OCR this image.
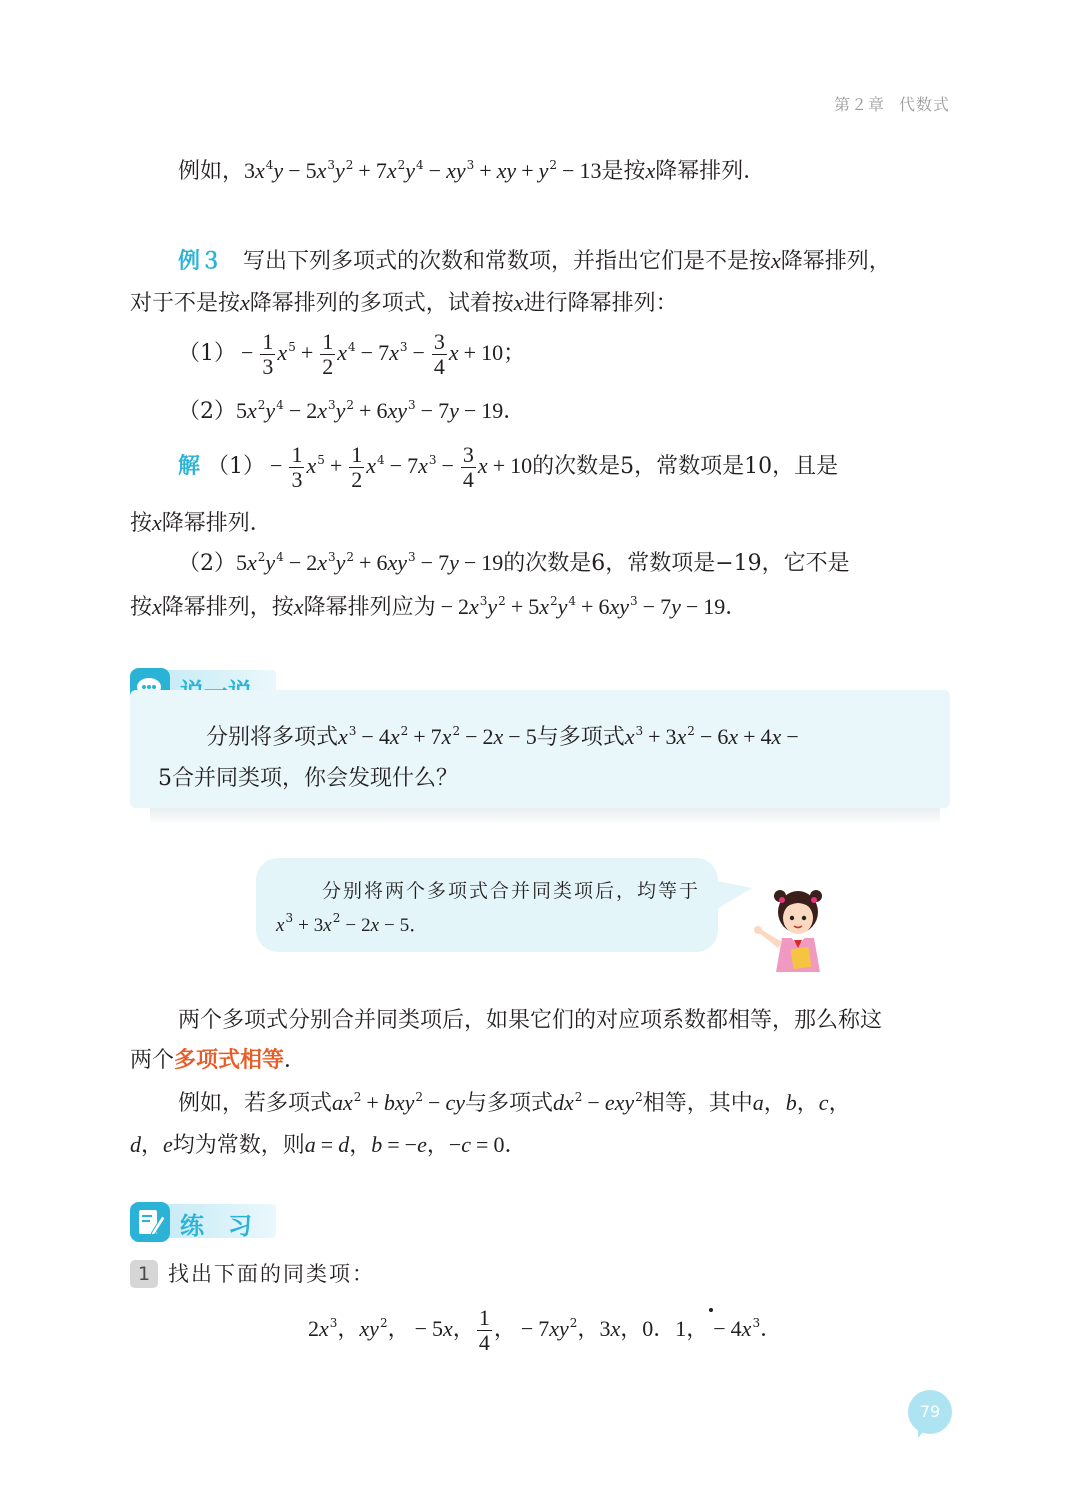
第２章 代数式
例如，$3x^4y - 5x^3y^2 + 7x^2y^4 - xy^3$ + xy + $y^2 - 13$是按x降幂排列．
例３ 写出下列多项式的次数和常数项，并指出它们是不是按x降幂排列，
对于不是按x降幂排列的多项式，试着按x进行降幂排列：
$(1) - \frac{1}{3} x^5 + \frac{1}{2} x^4 - 7x^3 - \frac{3}{4}$ x + 10；
$(2)5x^2y^4 - 2x^3y^2 + 6xy^3 - 7y - 19$．
解 $(1) - \frac{1}{3} x^5 + \frac{1}{2} x^4 - 7x^3 - \frac{3}{4}$ x + 10的次数是5，常数项是10，且是
按x降幂排列．
$(2)5x^2y^4 - 2x^3y^2 + 6xy^3 - 7y - 19$的次数是6，常数项是−19，它不是
按x降幂排列，按x降幂排列应为 − $2x^3y^2 + 5x^2y^4 + 6xy^3 - 7y - 19$．
分别将多项式$x^3 - 4x^2 + 7x^2 - 2x - 5$与多项式$x^3 + 3x^2 - 6x + 4x$ −
5合并同类项，你会发现什么？
分别将两个多项式合并同类项后，均等于
$x^3 + 3x^2 - 2x - 5$．
两个多项式分别合并同类项后，如果它们的对应项系数都相等，那么称这
两个多项式相等．
例如，若多项式$ax^2 + bxy^2$ − cy与多项式$dx^2 - exy^2$相等，其中a，b，c，
d，e均为常数，则a = d，b = −e，−c = 0．
练　习
1 找出下面的同类项：
$2x^3$，$xy^2$， − 5x， $\frac{1}{4}$ ， − $7xy^2$，3x，0．1， − $4x^3$．
79
